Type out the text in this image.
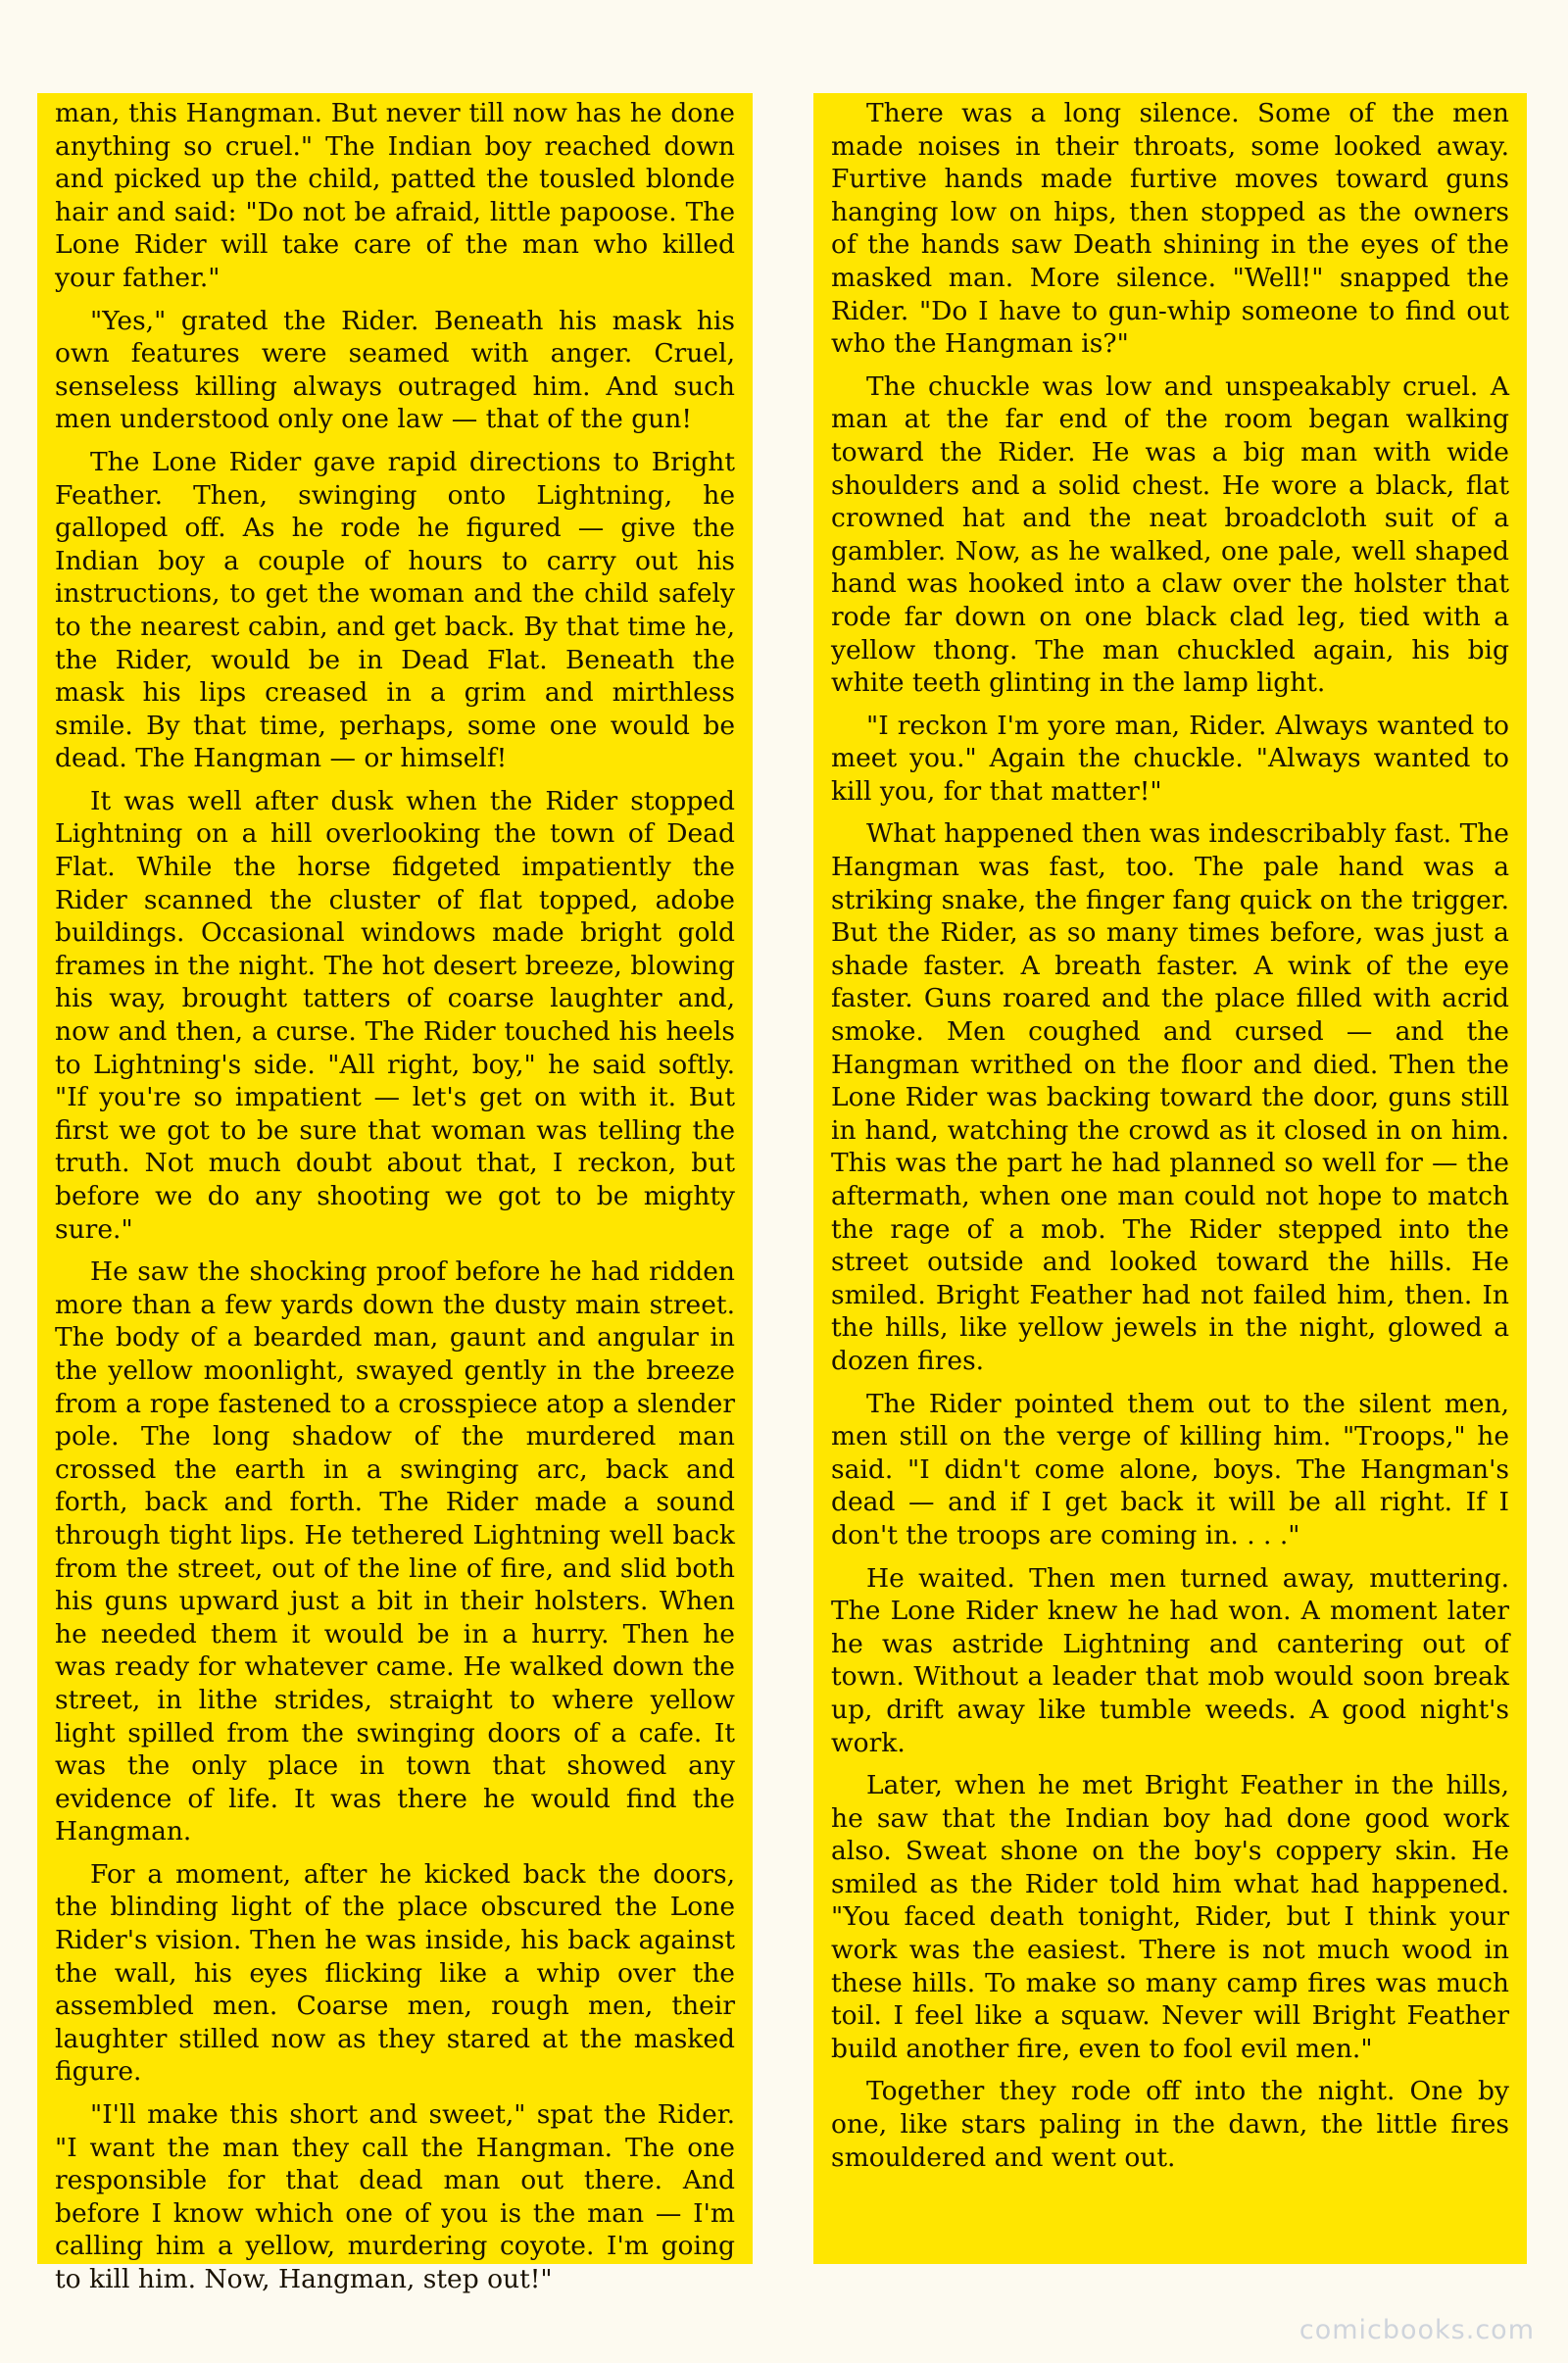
man, this Hangman. But never till now has he done anything so cruel." The Indian boy reached down and picked up the child, patted the tousled blonde hair and said: "Do not be afraid, little papoose. The Lone Rider will take care of the man who killed your father."

"Yes," grated the Rider. Beneath his mask his own features were seamed with anger. Cruel, senseless killing always outraged him. And such men understood only one law — that of the gun!

The Lone Rider gave rapid directions to Bright Feather. Then, swinging onto Lightning, he galloped off. As he rode he figured — give the Indian boy a couple of hours to carry out his instructions, to get the woman and the child safely to the nearest cabin, and get back. By that time he, the Rider, would be in Dead Flat. Beneath the mask his lips creased in a grim and mirthless smile. By that time, perhaps, some one would be dead. The Hangman — or himself!

It was well after dusk when the Rider stopped Lightning on a hill overlooking the town of Dead Flat. While the horse fidgeted impatiently the Rider scanned the cluster of flat topped, adobe buildings. Occasional windows made bright gold frames in the night. The hot desert breeze, blowing his way, brought tatters of coarse laughter and, now and then, a curse. The Rider touched his heels to Lightning's side. "All right, boy," he said softly. "If you're so impatient — let's get on with it. But first we got to be sure that woman was telling the truth. Not much doubt about that, I reckon, but before we do any shooting we got to be mighty sure."

He saw the shocking proof before he had ridden more than a few yards down the dusty main street. The body of a bearded man, gaunt and angular in the yellow moonlight, swayed gently in the breeze from a rope fastened to a crosspiece atop a slender pole. The long shadow of the murdered man crossed the earth in a swinging arc, back and forth, back and forth. The Rider made a sound through tight lips. He tethered Lightning well back from the street, out of the line of fire, and slid both his guns upward just a bit in their holsters. When he needed them it would be in a hurry. Then he was ready for whatever came. He walked down the street, in lithe strides, straight to where yellow light spilled from the swinging doors of a cafe. It was the only place in town that showed any evidence of life. It was there he would find the Hangman.

For a moment, after he kicked back the doors, the blinding light of the place obscured the Lone Rider's vision. Then he was inside, his back against the wall, his eyes flicking like a whip over the assembled men. Coarse men, rough men, their laughter stilled now as they stared at the masked figure.

"I'll make this short and sweet," spat the Rider. "I want the man they call the Hangman. The one responsible for that dead man out there. And before I know which one of you is the man — I'm calling him a yellow, murdering coyote. I'm going to kill him. Now, Hangman, step out!"

There was a long silence. Some of the men made noises in their throats, some looked away. Furtive hands made furtive moves toward guns hanging low on hips, then stopped as the owners of the hands saw Death shining in the eyes of the masked man. More silence. "Well!" snapped the Rider. "Do I have to gun-whip someone to find out who the Hangman is?"

The chuckle was low and unspeakably cruel. A man at the far end of the room began walking toward the Rider. He was a big man with wide shoulders and a solid chest. He wore a black, flat crowned hat and the neat broadcloth suit of a gambler. Now, as he walked, one pale, well shaped hand was hooked into a claw over the holster that rode far down on one black clad leg, tied with a yellow thong. The man chuckled again, his big white teeth glinting in the lamp light.

"I reckon I'm yore man, Rider. Always wanted to meet you." Again the chuckle. "Always wanted to kill you, for that matter!"

What happened then was indescribably fast. The Hangman was fast, too. The pale hand was a striking snake, the finger fang quick on the trigger. But the Rider, as so many times before, was just a shade faster. A breath faster. A wink of the eye faster. Guns roared and the place filled with acrid smoke. Men coughed and cursed — and the Hangman writhed on the floor and died. Then the Lone Rider was backing toward the door, guns still in hand, watching the crowd as it closed in on him. This was the part he had planned so well for — the aftermath, when one man could not hope to match the rage of a mob. The Rider stepped into the street outside and looked toward the hills. He smiled. Bright Feather had not failed him, then. In the hills, like yellow jewels in the night, glowed a dozen fires.

The Rider pointed them out to the silent men, men still on the verge of killing him. "Troops," he said. "I didn't come alone, boys. The Hangman's dead — and if I get back it will be all right. If I don't the troops are coming in. . . ."

He waited. Then men turned away, muttering. The Lone Rider knew he had won. A moment later he was astride Lightning and cantering out of town. Without a leader that mob would soon break up, drift away like tumble weeds. A good night's work.

Later, when he met Bright Feather in the hills, he saw that the Indian boy had done good work also. Sweat shone on the boy's coppery skin. He smiled as the Rider told him what had happened. "You faced death tonight, Rider, but I think your work was the easiest. There is not much wood in these hills. To make so many camp fires was much toil. I feel like a squaw. Never will Bright Feather build another fire, even to fool evil men."

Together they rode off into the night. One by one, like stars paling in the dawn, the little fires smouldered and went out.

comicbooks.com
